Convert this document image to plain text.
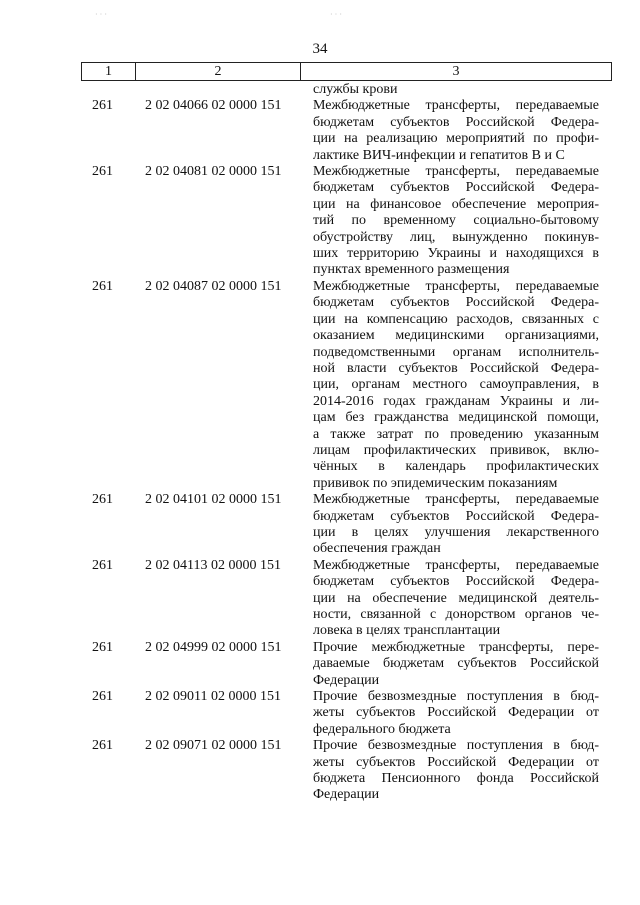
· · ·	· · ·
34
1	2	3
службы крови
261	2 02 04066 02 0000 151	Межбюджетные трансферты, передаваемые
бюджетам субъектов Российской Федера-
ции на реализацию мероприятий по профи-
лактике ВИЧ-инфекции и гепатитов В и С
261	2 02 04081 02 0000 151	Межбюджетные трансферты, передаваемые
бюджетам субъектов Российской Федера-
ции на финансовое обеспечение мероприя-
тий по временному социально-бытовому
обустройству лиц, вынужденно покинув-
ших территорию Украины и находящихся в
пунктах временного размещения
261	2 02 04087 02 0000 151	Межбюджетные трансферты, передаваемые
бюджетам субъектов Российской Федера-
ции на компенсацию расходов, связанных с
оказанием медицинскими организациями,
подведомственными органам исполнитель-
ной власти субъектов Российской Федера-
ции, органам местного самоуправления, в
2014-2016 годах гражданам Украины и ли-
цам без гражданства медицинской помощи,
а также затрат по проведению указанным
лицам профилактических прививок, вклю-
чённых в календарь профилактических
прививок по эпидемическим показаниям
261	2 02 04101 02 0000 151	Межбюджетные трансферты, передаваемые
бюджетам субъектов Российской Федера-
ции в целях улучшения лекарственного
обеспечения граждан
261	2 02 04113 02 0000 151	Межбюджетные трансферты, передаваемые
бюджетам субъектов Российской Федера-
ции на обеспечение медицинской деятель-
ности, связанной с донорством органов че-
ловека в целях трансплантации
261	2 02 04999 02 0000 151	Прочие межбюджетные трансферты, пере-
даваемые бюджетам субъектов Российской
Федерации
261	2 02 09011 02 0000 151	Прочие безвозмездные поступления в бюд-
жеты субъектов Российской Федерации от
федерального бюджета
261	2 02 09071 02 0000 151	Прочие безвозмездные поступления в бюд-
жеты субъектов Российской Федерации от
бюджета Пенсионного фонда Российской
Федерации
